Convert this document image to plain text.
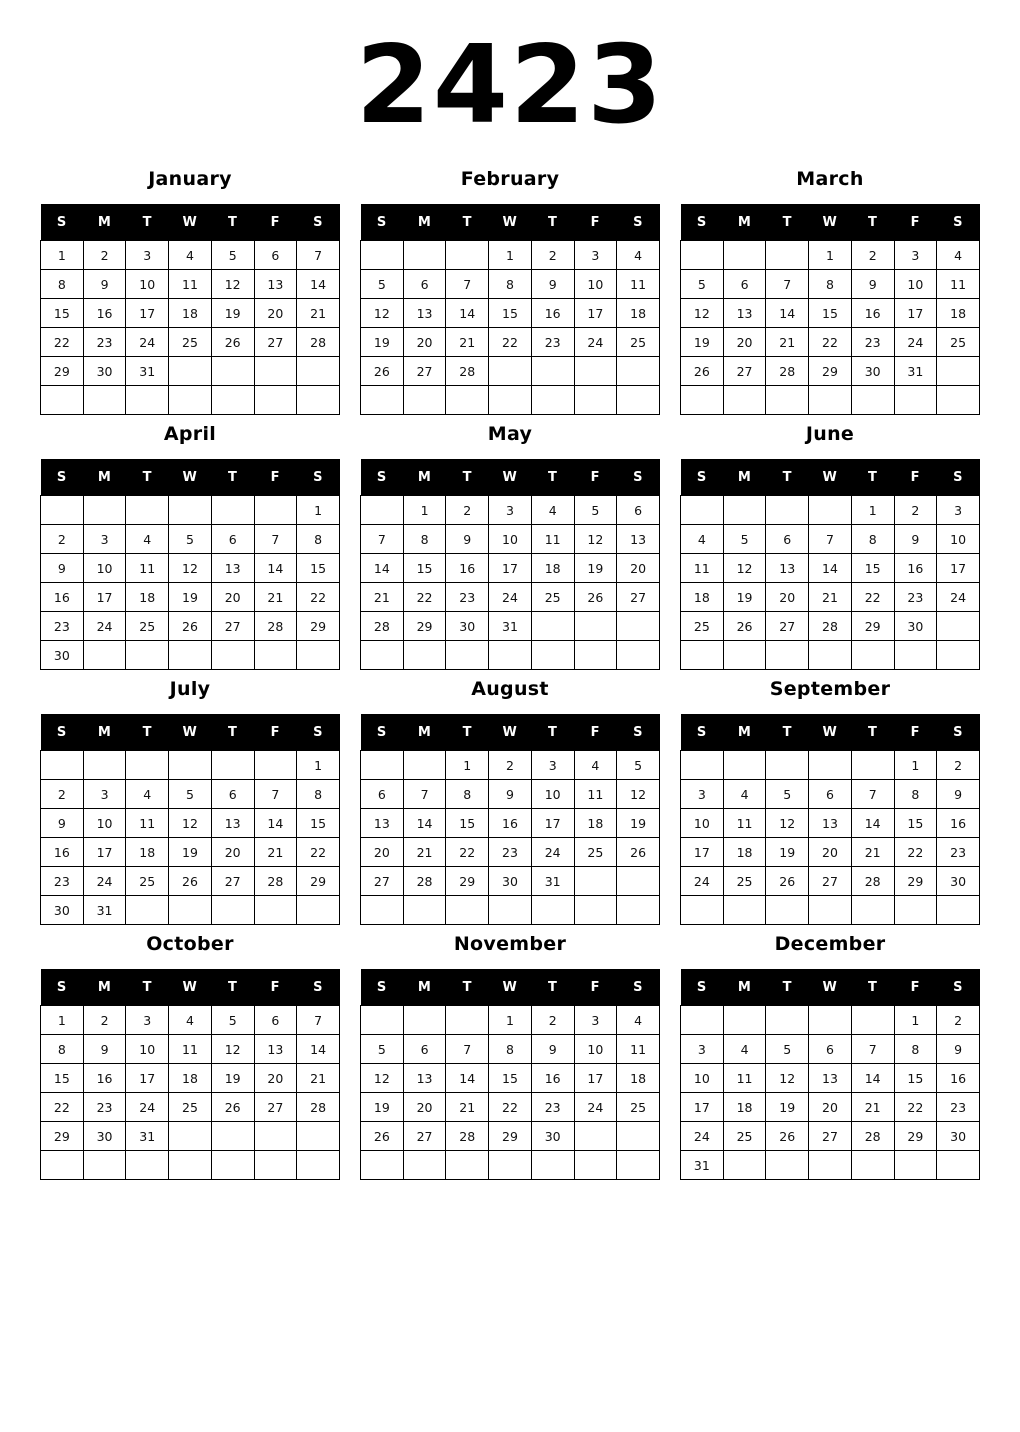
2423
January
S	M	T	W	T	F	S
1	2	3	4	5	6	7
8	9	10	11	12	13	14
15	16	17	18	19	20	21
22	23	24	25	26	27	28
29	30	31				

February
S	M	T	W	T	F	S
			1	2	3	4
5	6	7	8	9	10	11
12	13	14	15	16	17	18
19	20	21	22	23	24	25
26	27	28				

March
S	M	T	W	T	F	S
			1	2	3	4
5	6	7	8	9	10	11
12	13	14	15	16	17	18
19	20	21	22	23	24	25
26	27	28	29	30	31	

April
S	M	T	W	T	F	S
						1
2	3	4	5	6	7	8
9	10	11	12	13	14	15
16	17	18	19	20	21	22
23	24	25	26	27	28	29
30						
May
S	M	T	W	T	F	S
	1	2	3	4	5	6
7	8	9	10	11	12	13
14	15	16	17	18	19	20
21	22	23	24	25	26	27
28	29	30	31			

June
S	M	T	W	T	F	S
				1	2	3
4	5	6	7	8	9	10
11	12	13	14	15	16	17
18	19	20	21	22	23	24
25	26	27	28	29	30	

July
S	M	T	W	T	F	S
						1
2	3	4	5	6	7	8
9	10	11	12	13	14	15
16	17	18	19	20	21	22
23	24	25	26	27	28	29
30	31					
August
S	M	T	W	T	F	S
		1	2	3	4	5
6	7	8	9	10	11	12
13	14	15	16	17	18	19
20	21	22	23	24	25	26
27	28	29	30	31		

September
S	M	T	W	T	F	S
					1	2
3	4	5	6	7	8	9
10	11	12	13	14	15	16
17	18	19	20	21	22	23
24	25	26	27	28	29	30

October
S	M	T	W	T	F	S
1	2	3	4	5	6	7
8	9	10	11	12	13	14
15	16	17	18	19	20	21
22	23	24	25	26	27	28
29	30	31				

November
S	M	T	W	T	F	S
			1	2	3	4
5	6	7	8	9	10	11
12	13	14	15	16	17	18
19	20	21	22	23	24	25
26	27	28	29	30		

December
S	M	T	W	T	F	S
					1	2
3	4	5	6	7	8	9
10	11	12	13	14	15	16
17	18	19	20	21	22	23
24	25	26	27	28	29	30
31						
